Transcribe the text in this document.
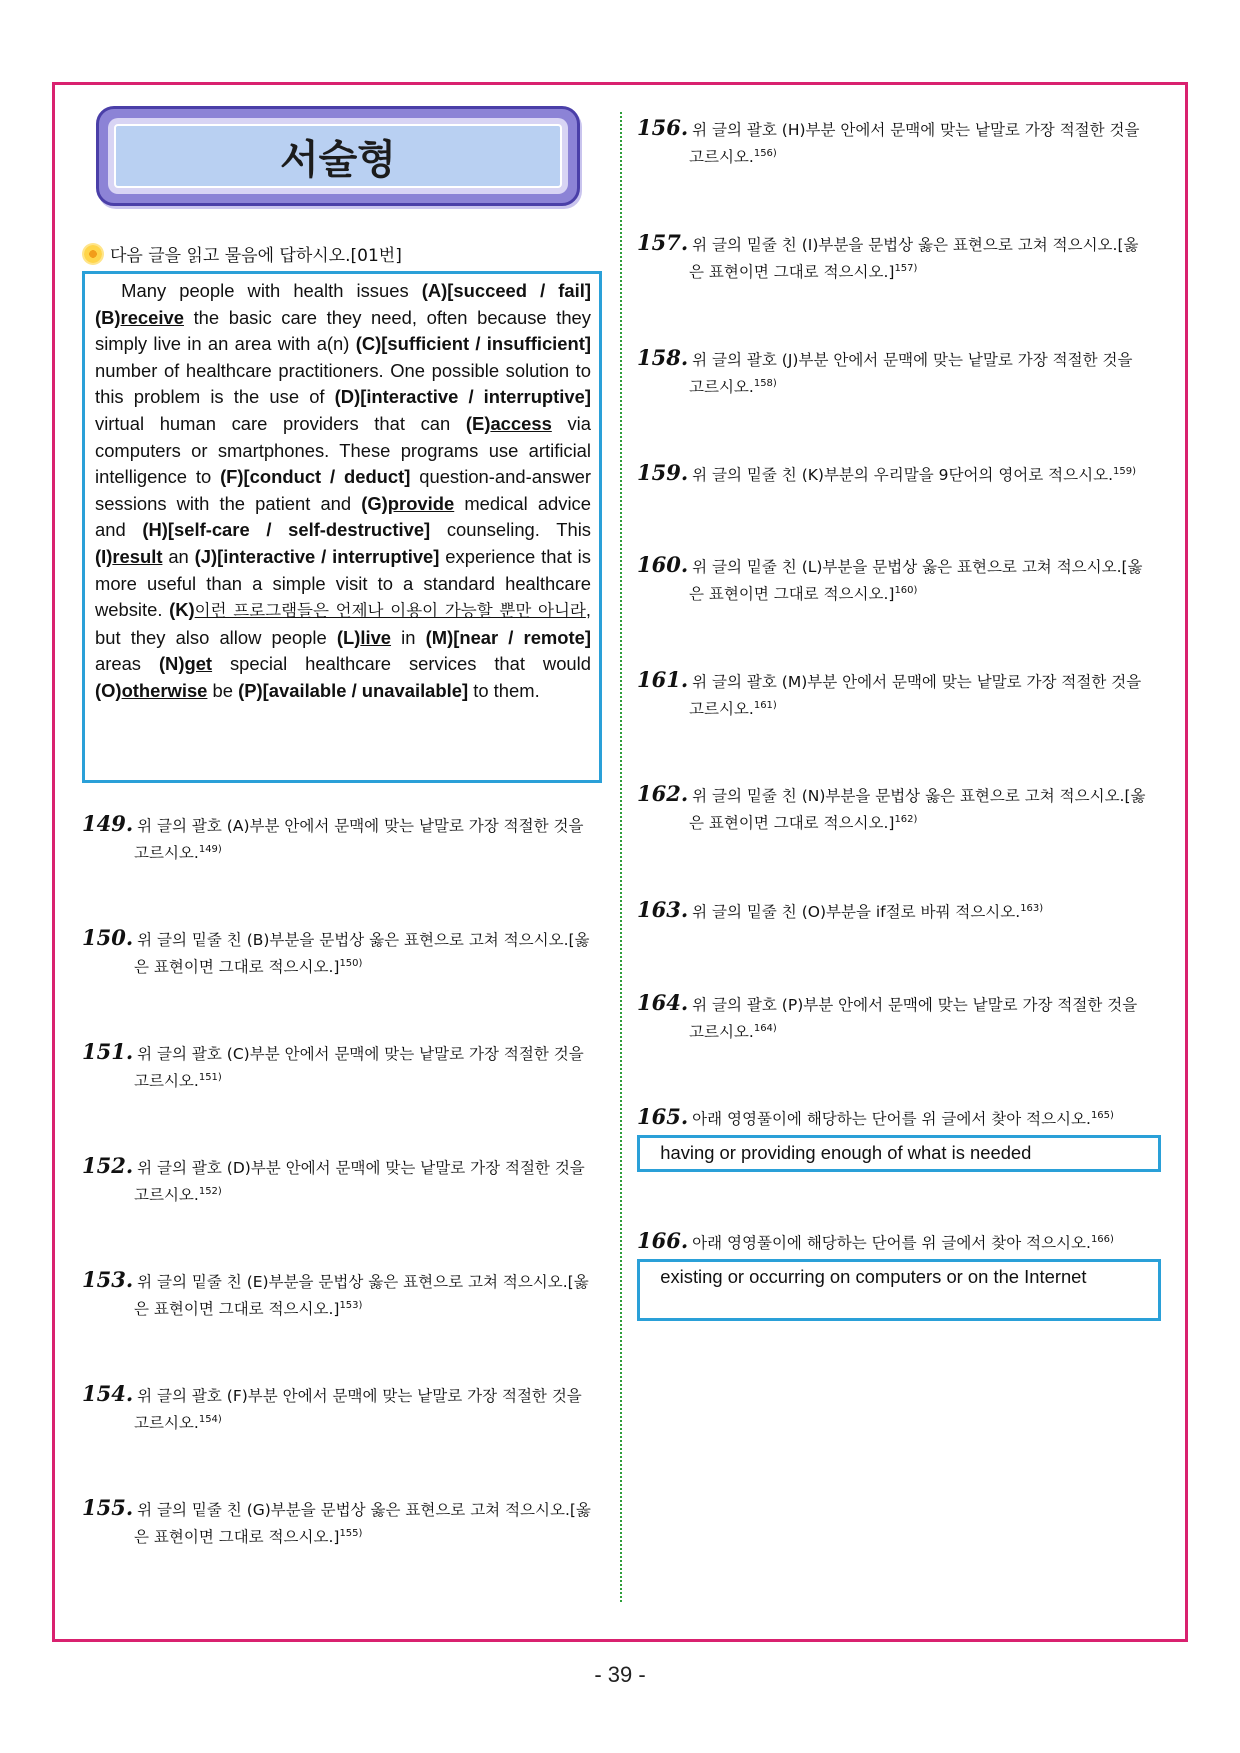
서술형
다음 글을 읽고 물음에 답하시오.[01번]
Many people with health issues (A)[succeed / fail] (B)receive the basic care they need, often because they simply live in an area with a(n) (C)[sufficient / insufficient] number of healthcare practitioners. One possible solution to this problem is the use of (D)[interactive / interruptive] virtual human care providers that can (E)access via computers or smartphones. These programs use artificial intelligence to (F)[conduct / deduct] question-and-answer sessions with the patient and (G)provide medical advice and (H)[self-care / self-destructive] counseling. This (I)result an (J)[interactive / interruptive] experience that is more useful than a simple visit to a standard healthcare website. (K)이런 프로그램들은 언제나 이용이 가능할 뿐만 아니라, but they also allow people (L)live in (M)[near / remote] areas (N)get special healthcare services that would (O)otherwise be (P)[available / unavailable] to them.
149. 위 글의 괄호 (A)부분 안에서 문맥에 맞는 낱말로 가장 적절한 것을
고르시오.$^{149)}$
150. 위 글의 밑줄 친 (B)부분을 문법상 옳은 표현으로 고쳐 적으시오.[옳
은 표현이면 그대로 적으시오.]$^{150)}$
151. 위 글의 괄호 (C)부분 안에서 문맥에 맞는 낱말로 가장 적절한 것을
고르시오.$^{151)}$
152. 위 글의 괄호 (D)부분 안에서 문맥에 맞는 낱말로 가장 적절한 것을
고르시오.$^{152)}$
153. 위 글의 밑줄 친 (E)부분을 문법상 옳은 표현으로 고쳐 적으시오.[옳
은 표현이면 그대로 적으시오.]$^{153)}$
154. 위 글의 괄호 (F)부분 안에서 문맥에 맞는 낱말로 가장 적절한 것을
고르시오.$^{154)}$
155. 위 글의 밑줄 친 (G)부분을 문법상 옳은 표현으로 고쳐 적으시오.[옳
은 표현이면 그대로 적으시오.]$^{155)}$
156. 위 글의 괄호 (H)부분 안에서 문맥에 맞는 낱말로 가장 적절한 것을
고르시오.$^{156)}$
157. 위 글의 밑줄 친 (I)부분을 문법상 옳은 표현으로 고쳐 적으시오.[옳
은 표현이면 그대로 적으시오.]$^{157)}$
158. 위 글의 괄호 (J)부분 안에서 문맥에 맞는 낱말로 가장 적절한 것을
고르시오.$^{158)}$
159. 위 글의 밑줄 친 (K)부분의 우리말을 9단어의 영어로 적으시오.$^{159)}$
160. 위 글의 밑줄 친 (L)부분을 문법상 옳은 표현으로 고쳐 적으시오.[옳
은 표현이면 그대로 적으시오.]$^{160)}$
161. 위 글의 괄호 (M)부분 안에서 문맥에 맞는 낱말로 가장 적절한 것을
고르시오.$^{161)}$
162. 위 글의 밑줄 친 (N)부분을 문법상 옳은 표현으로 고쳐 적으시오.[옳
은 표현이면 그대로 적으시오.]$^{162)}$
163. 위 글의 밑줄 친 (O)부분을 if절로 바꿔 적으시오.$^{163)}$
164. 위 글의 괄호 (P)부분 안에서 문맥에 맞는 낱말로 가장 적절한 것을
고르시오.$^{164)}$
165. 아래 영영풀이에 해당하는 단어를 위 글에서 찾아 적으시오.$^{165)}$
having or providing enough of what is needed
166. 아래 영영풀이에 해당하는 단어를 위 글에서 찾아 적으시오.$^{166)}$
existing or occurring on computers or on the Internet
- 39 -
